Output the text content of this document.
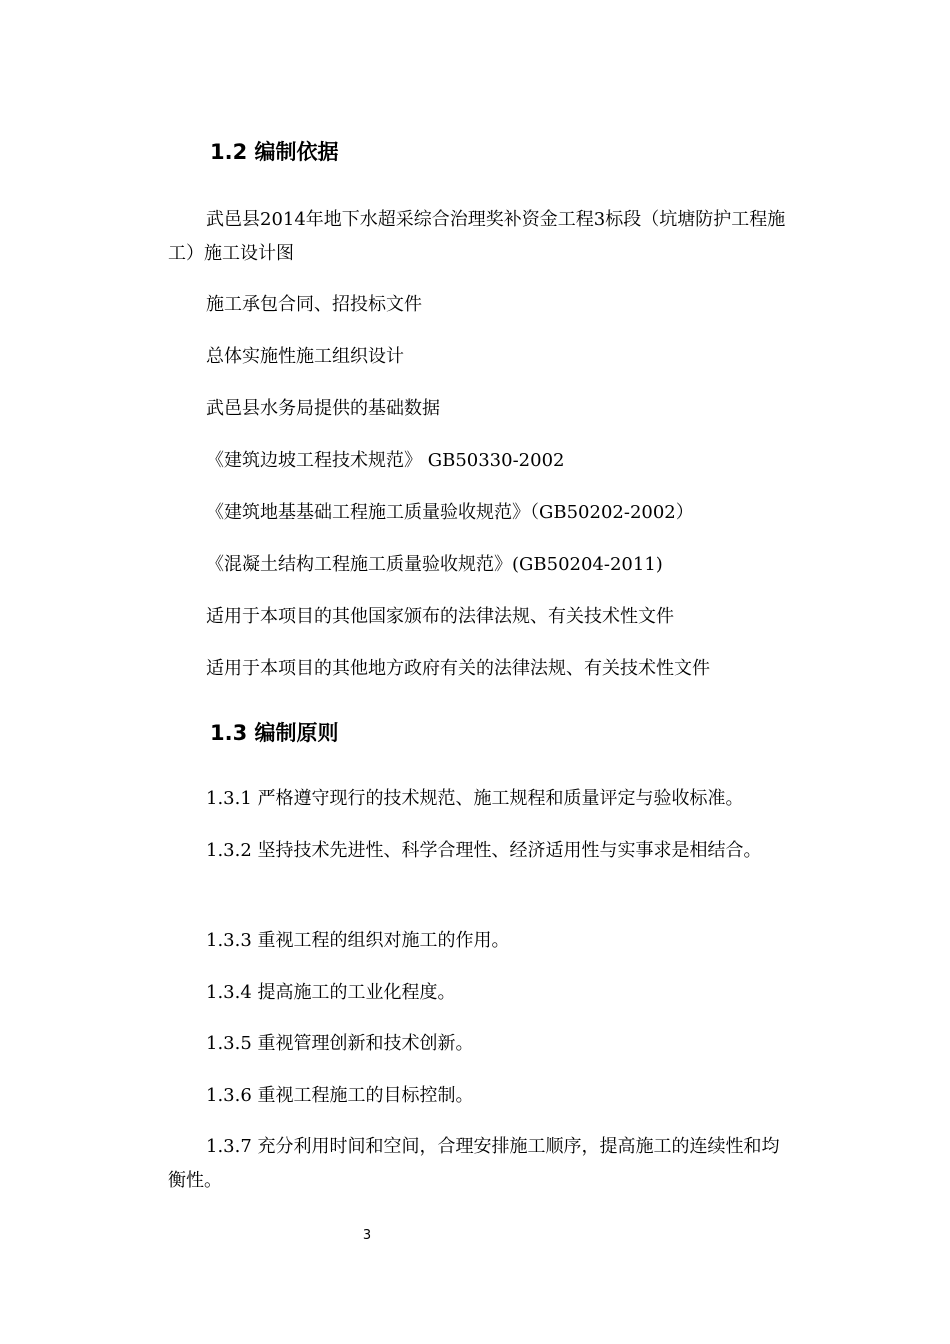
1.2 编制依据
武邑县2014年地下水超采综合治理奖补资金工程3标段（坑塘防护工程施工）施工设计图
施工承包合同、招投标文件
总体实施性施工组织设计
武邑县水务局提供的基础数据
《建筑边坡工程技术规范》 GB50330-2002
《建筑地基基础工程施工质量验收规范》（GB50202-2002）
《混凝土结构工程施工质量验收规范》(GB50204-2011)
适用于本项目的其他国家颁布的法律法规、有关技术性文件
适用于本项目的其他地方政府有关的法律法规、有关技术性文件
1.3 编制原则
1.3.1 严格遵守现行的技术规范、施工规程和质量评定与验收标准。
1.3.2 坚持技术先进性、科学合理性、经济适用性与实事求是相结合。
1.3.3 重视工程的组织对施工的作用。
1.3.4 提高施工的工业化程度。
1.3.5 重视管理创新和技术创新。
1.3.6 重视工程施工的目标控制。
1.3.7 充分利用时间和空间，合理安排施工顺序，提高施工的连续性和均衡性。
3
